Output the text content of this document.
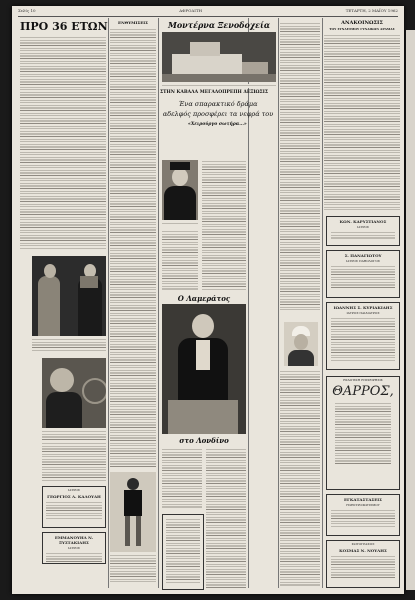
Σελίς 10	ΑΦΡΟΔΙΤΗ	ΤΕΤΑΡΤΗ, 2 ΜΑΪΟΥ 1962
ΠΡΟ 36 ΕΤΩΝ
ΙΑΤΡΟΣ
ΓΕΩΡΓΙΟΣ Λ. ΚΑΛΟΥΔΗ
ΕΜΜΑΝΟΥΗΛ Ν. ΞΥΣΤΑΚΙΔΗΣ
ΙΑΤΡΟΣ
ΕΝΘΥΜΙΣΕΙΣ	Μοντέρνα Ξενοδοχεία
ΣΤΗΝ ΚΑΒΑΛΑ ΜΕΓΑΛΟΠΡΕΠΗ ΔΕΞΙΩΣΙΣ
Ένα σπαρακτικό δράμα
αδελφός προσφέρει τα νεφρά του
«Χειρούργο σωτήρα...»
Ο Λαμεράτος
στο Λονδίνο
ΑΝΑΚΟΙΝΩΣΙΣ
ΤΟΥ ΣΥΝΔΕΣΜΟΥ ΓΥΝΑΙΚΩΝ ΔΡΑΜΑΣ
ΚΩΝ. ΚΑΡΥΣΤΙΑΝΟΣ
ΙΑΤΡΟΣ
Σ. ΠΑΝΑΓΙΩΤΟΥ
ΙΑΤΡΟΣ ΠΑΘΟΛΟΓΟΣ
ΙΩΑΝΝΗΣ Σ. ΚΥΡΙΑΚΙΔΗΣ
ΙΑΤΡΟΣ ΠΑΙΔΙΑΤΡΟΣ
ΕΚΔΟΤΙΚΗ ΕΠΙΧΕΙΡΗΣΙΣ
ΘΑΡΡΟΣ,
ΕΓΚΑΤΑΣΤΑΣΕΙΣ
ΗΛΕΚΤΡΟΦΩΤΙΣΜΟΥ
ΦΩΤΟΓΡΑΦΟΣ
ΚΟΣΜΑΣ Ν. ΝΟΥΛΗΣ
